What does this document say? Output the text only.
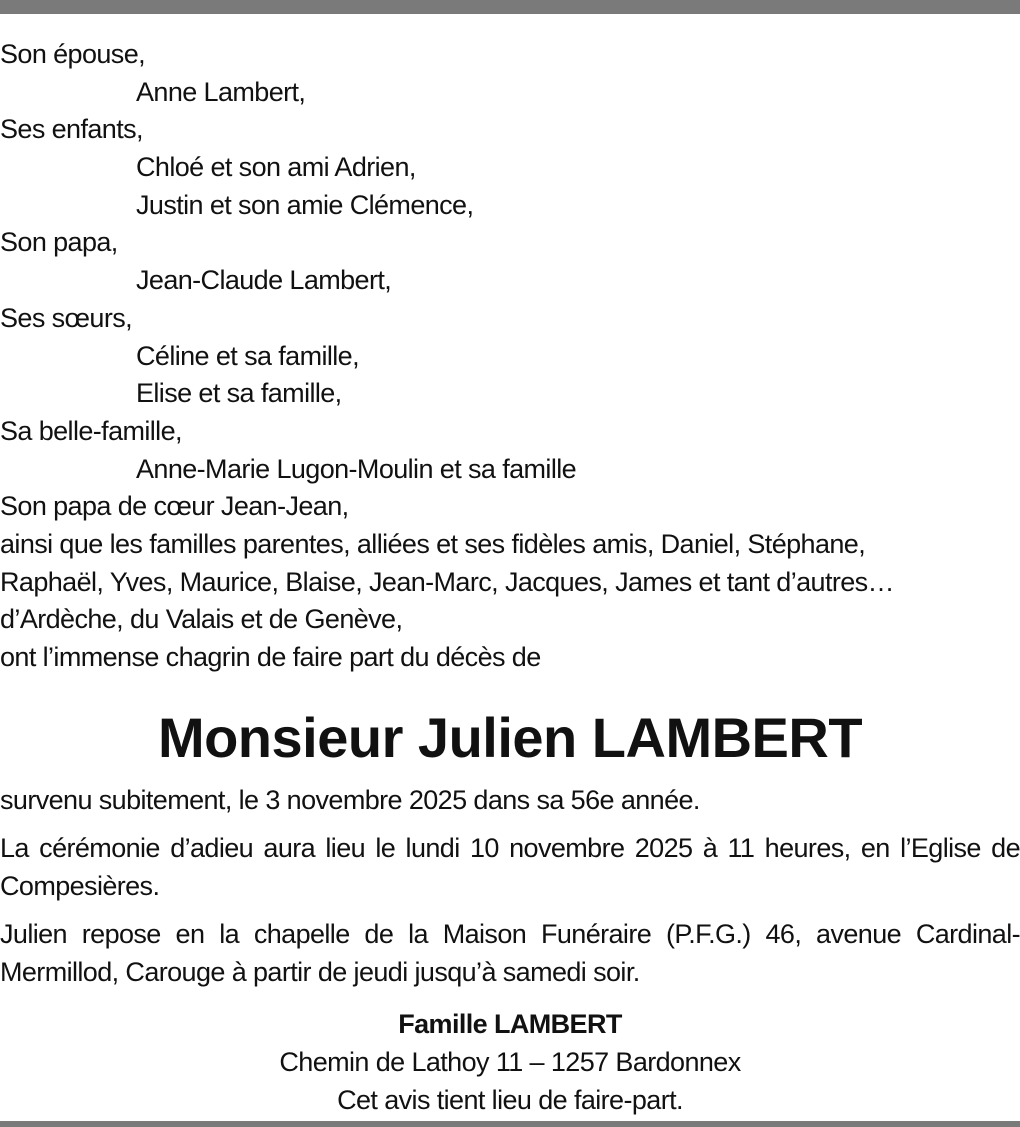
Son épouse,
Anne Lambert,
Ses enfants,
Chloé et son ami Adrien,
Justin et son amie Clémence,
Son papa,
Jean-Claude Lambert,
Ses sœurs,
Céline et sa famille,
Elise et sa famille,
Sa belle-famille,
Anne-Marie Lugon-Moulin et sa famille
Son papa de cœur Jean-Jean,
ainsi que les familles parentes, alliées et ses fidèles amis, Daniel, Stéphane,
Raphaël, Yves, Maurice, Blaise, Jean-Marc, Jacques, James et tant d’autres…
d’Ardèche, du Valais et de Genève,
ont l’immense chagrin de faire part du décès de
Monsieur Julien LAMBERT
survenu subitement, le 3 novembre 2025 dans sa 56e année.
La cérémonie d’adieu aura lieu le lundi 10 novembre 2025 à 11 heures, en l’Eglise de Compesières.
Julien repose en la chapelle de la Maison Funéraire (P.F.G.) 46, avenue Cardinal-Mermillod, Carouge à partir de jeudi jusqu’à samedi soir.
Famille LAMBERT
Chemin de Lathoy 11 – 1257 Bardonnex
Cet avis tient lieu de faire-part.
